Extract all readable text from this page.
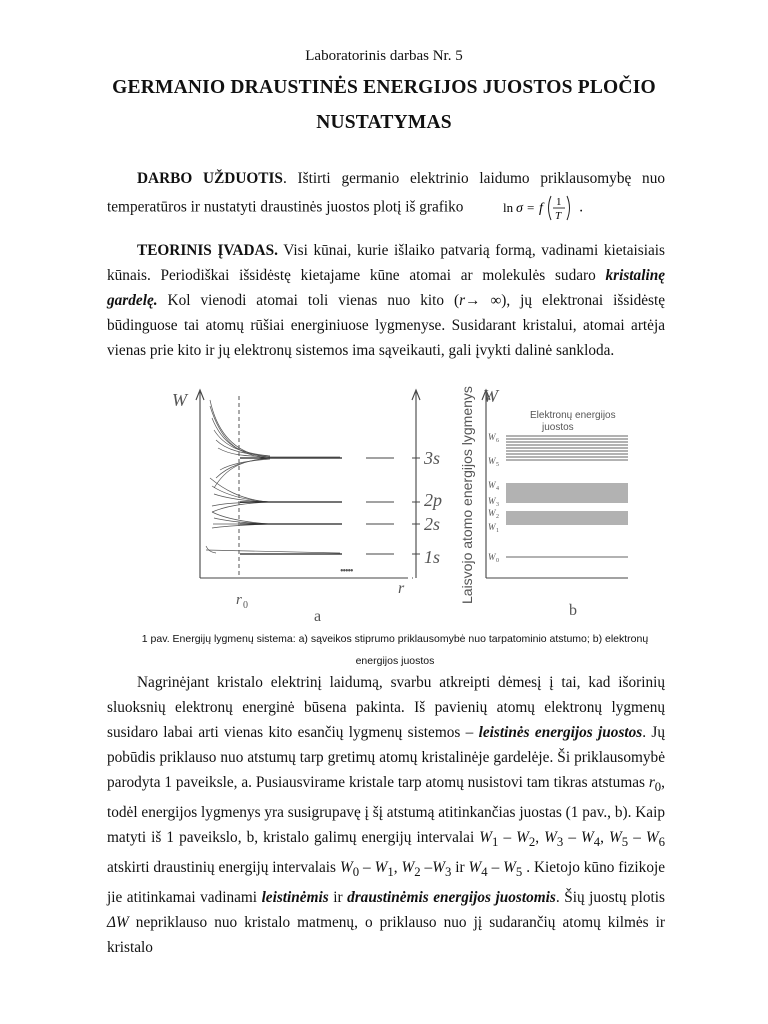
Laboratorinis darbas Nr. 5
GERMANIO DRAUSTINĖS ENERGIJOS JUOSTOS PLOČIO
NUSTATYMAS
DARBO UŽDUOTIS. Ištirti germanio elektrinio laidumo priklausomybę nuo temperatūros ir nustatyti draustinės juostos plotį iš grafiko	ln σ = f 1
T
.
TEORINIS ĮVADAS. Visi kūnai, kurie išlaiko patvarią formą, vadinami kietaisiais kūnais. Periodiškai išsidėstę kietajame kūne atomai ar molekulės sudaro kristalinę gardelę. Kol vienodi atomai toli vienas nuo kito (r→ ∞), jų elektronai išsidėstę būdinguose tai atomų rūšiai energiniuose lygmenyse. Susidarant kristalui, atomai artėja vienas prie kito ir jų elektronų sistemos ima sąveikauti, gali įvykti dalinė sankloda.
W
r 0
•••••
r
3s
2p
2s
1s Laisvojo atomo energijos lygmenys W
Elektronų energijos
juostos
W 6
W 5
W 4
W 3
W 2
W 1
W 0
a	b
1 pav. Energijų lygmenų sistema: a) sąveikos stiprumo priklausomybė nuo tarpatominio atstumo; b) elektronų
energijos juostos
Nagrinėjant kristalo elektrinį laidumą, svarbu atkreipti dėmesį į tai, kad išorinių sluoksnių elektronų energinė būsena pakinta. Iš pavienių atomų elektronų lygmenų susidaro labai arti vienas kito esančių lygmenų sistemos – leistinės energijos juostos. Jų pobūdis priklauso nuo atstumų tarp gretimų atomų kristalinėje gardelėje. Ši priklausomybė parodyta 1 paveiksle, a. Pusiausvirame kristale tarp atomų nusistovi tam tikras atstumas $r_0$, todėl energijos lygmenys yra susigrupavę į šį atstumą atitinkančias juostas (1 pav., b). Kaip matyti iš 1 paveikslo, b, kristalo galimų energijų intervalai $W_1 - W_2$, $W_3 - W_4$, $W_5 - W_6$ atskirti draustinių energijų intervalais $W_0 - W_1$, $W_2$ $-W_3$ ir $W_4 - W_5$ . Kietojo kūno fizikoje jie atitinkamai vadinami leistinėmis ir draustinėmis energijos juostomis. Šių juostų plotis ΔW nepriklauso nuo kristalo matmenų, o priklauso nuo jį sudarančių atomų kilmės ir kristalo
